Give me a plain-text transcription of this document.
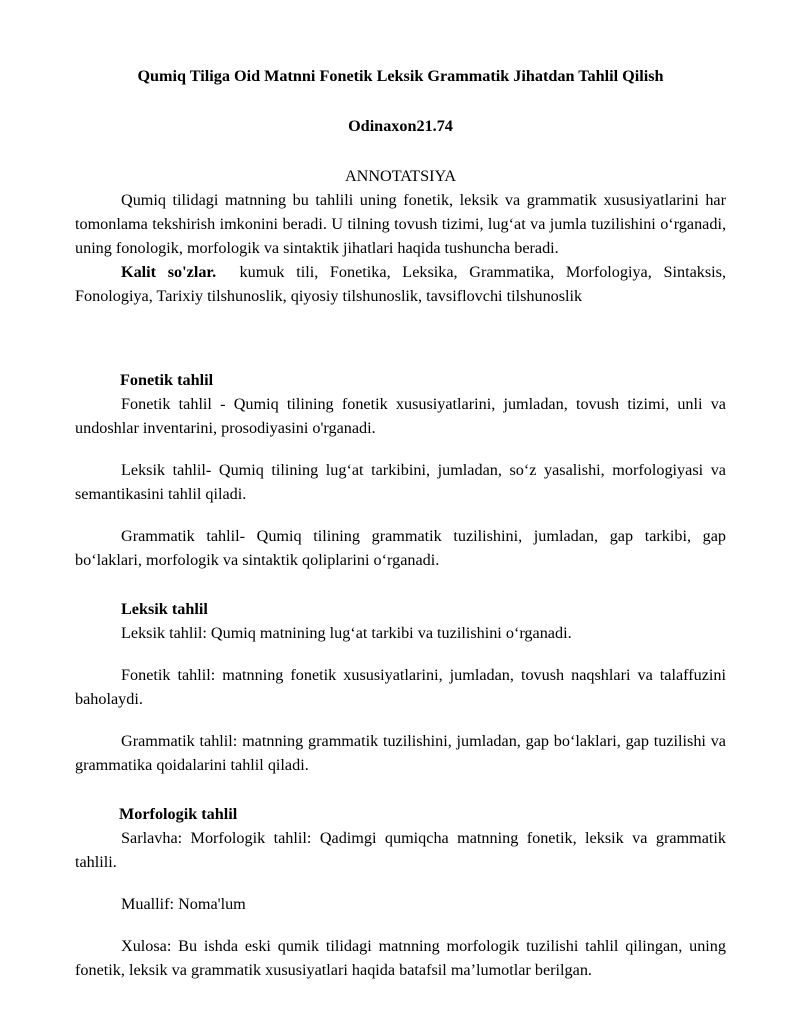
Qumiq Tiliga Oid Matnni Fonetik Leksik Grammatik Jihatdan Tahlil Qilish

Odinaxon21.74

ANNOTATSIYA

Qumiq tilidagi matnning bu tahlili uning fonetik, leksik va grammatik xususiyatlarini har tomonlama tekshirish imkonini beradi. U tilning tovush tizimi, lug‘at va jumla tuzilishini o‘rganadi, uning fonologik, morfologik va sintaktik jihatlari haqida tushuncha beradi.

Kalit so'zlar.  kumuk tili, Fonetika, Leksika, Grammatika, Morfologiya, Sintaksis, Fonologiya, Tarixiy tilshunoslik, qiyosiy tilshunoslik, tavsiflovchi tilshunoslik

Fonetik tahlil

Fonetik tahlil - Qumiq tilining fonetik xususiyatlarini, jumladan, tovush tizimi, unli va undoshlar inventarini, prosodiyasini o'rganadi.

Leksik tahlil- Qumiq tilining lug‘at tarkibini, jumladan, so‘z yasalishi, morfologiyasi va semantikasini tahlil qiladi.

Grammatik tahlil- Qumiq tilining grammatik tuzilishini, jumladan, gap tarkibi, gap bo‘laklari, morfologik va sintaktik qoliplarini o‘rganadi.

Leksik tahlil

Leksik tahlil: Qumiq matnining lug‘at tarkibi va tuzilishini o‘rganadi.

Fonetik tahlil: matnning fonetik xususiyatlarini, jumladan, tovush naqshlari va talaffuzini baholaydi.

Grammatik tahlil: matnning grammatik tuzilishini, jumladan, gap bo‘laklari, gap tuzilishi va grammatika qoidalarini tahlil qiladi.

Morfologik tahlil

Sarlavha: Morfologik tahlil: Qadimgi qumiqcha matnning fonetik, leksik va grammatik tahlili.

Muallif: Noma'lum

Xulosa: Bu ishda eski qumik tilidagi matnning morfologik tuzilishi tahlil qilingan, uning fonetik, leksik va grammatik xususiyatlari haqida batafsil ma’lumotlar berilgan.
